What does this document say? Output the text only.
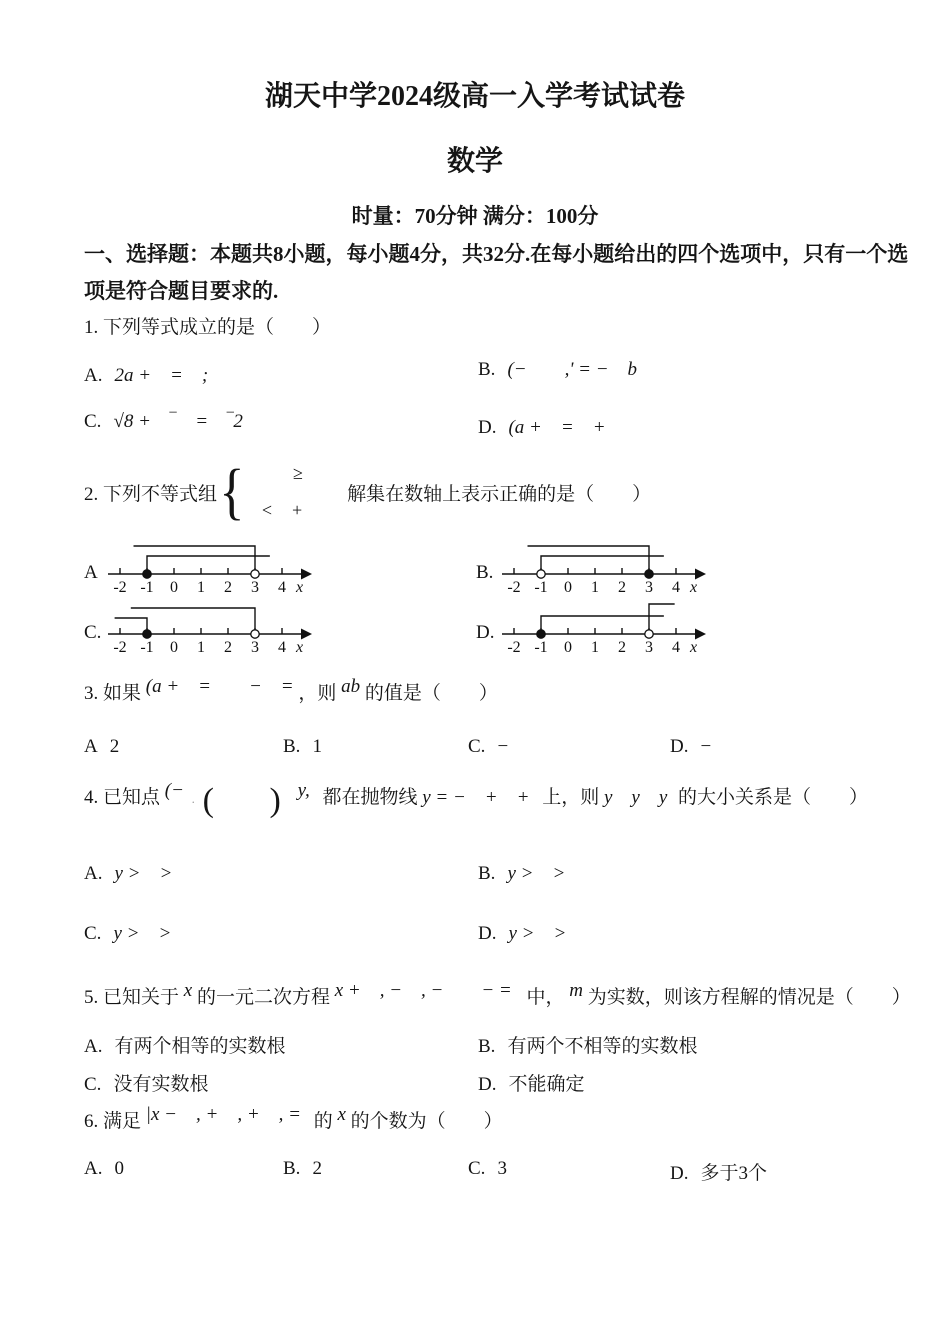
湖天中学2024级高一入学考试试卷
数学
时量：70分钟 满分：100分
一、选择题：本题共8小题，每小题4分，共32分.在每小题给出的四个选项中，只有一个选
项是符合题目要求的.
1. 下列等式成立的是（　　）
A. 2a +　=　;	B. (−　　,ʹ = −　b
C. √8 +　‾　=　‾2	D. (a +　=　+
2. 下列不等式组 {	≥
<　+
解集在数轴上表示正确的是（　　）
A
-2 -1 0 1 2 3 4 x
B.
-2 -1 0 1 2 3 4 x
C.
-2 -1 0 1 2 3 4 x
D.
-2 -1 0 1 2 3 4 x
3. 如果 (a +　=　　−　= ，则 ab 的值是（　　）
A 2	B. 1	C. −	D. −
4. 已知点 (− . ( ) y, 都在抛物线 y = −　+　+ 上，则 y　y　y 的大小关系是（　　）
A. y >　>	B. y >　>
C. y >　>	D. y >　>
5. 已知关于 x 的一元二次方程 x +　, −　, −　　− = 中， m 为实数，则该方程解的情况是（　　）
A. 有两个相等的实数根	B. 有两个不相等的实数根
C. 没有实数根	D. 不能确定
6. 满足 |x −　, +　, +　, = 的 x 的个数为（　　）
A. 0	B. 2	C. 3	D. 多于3个
